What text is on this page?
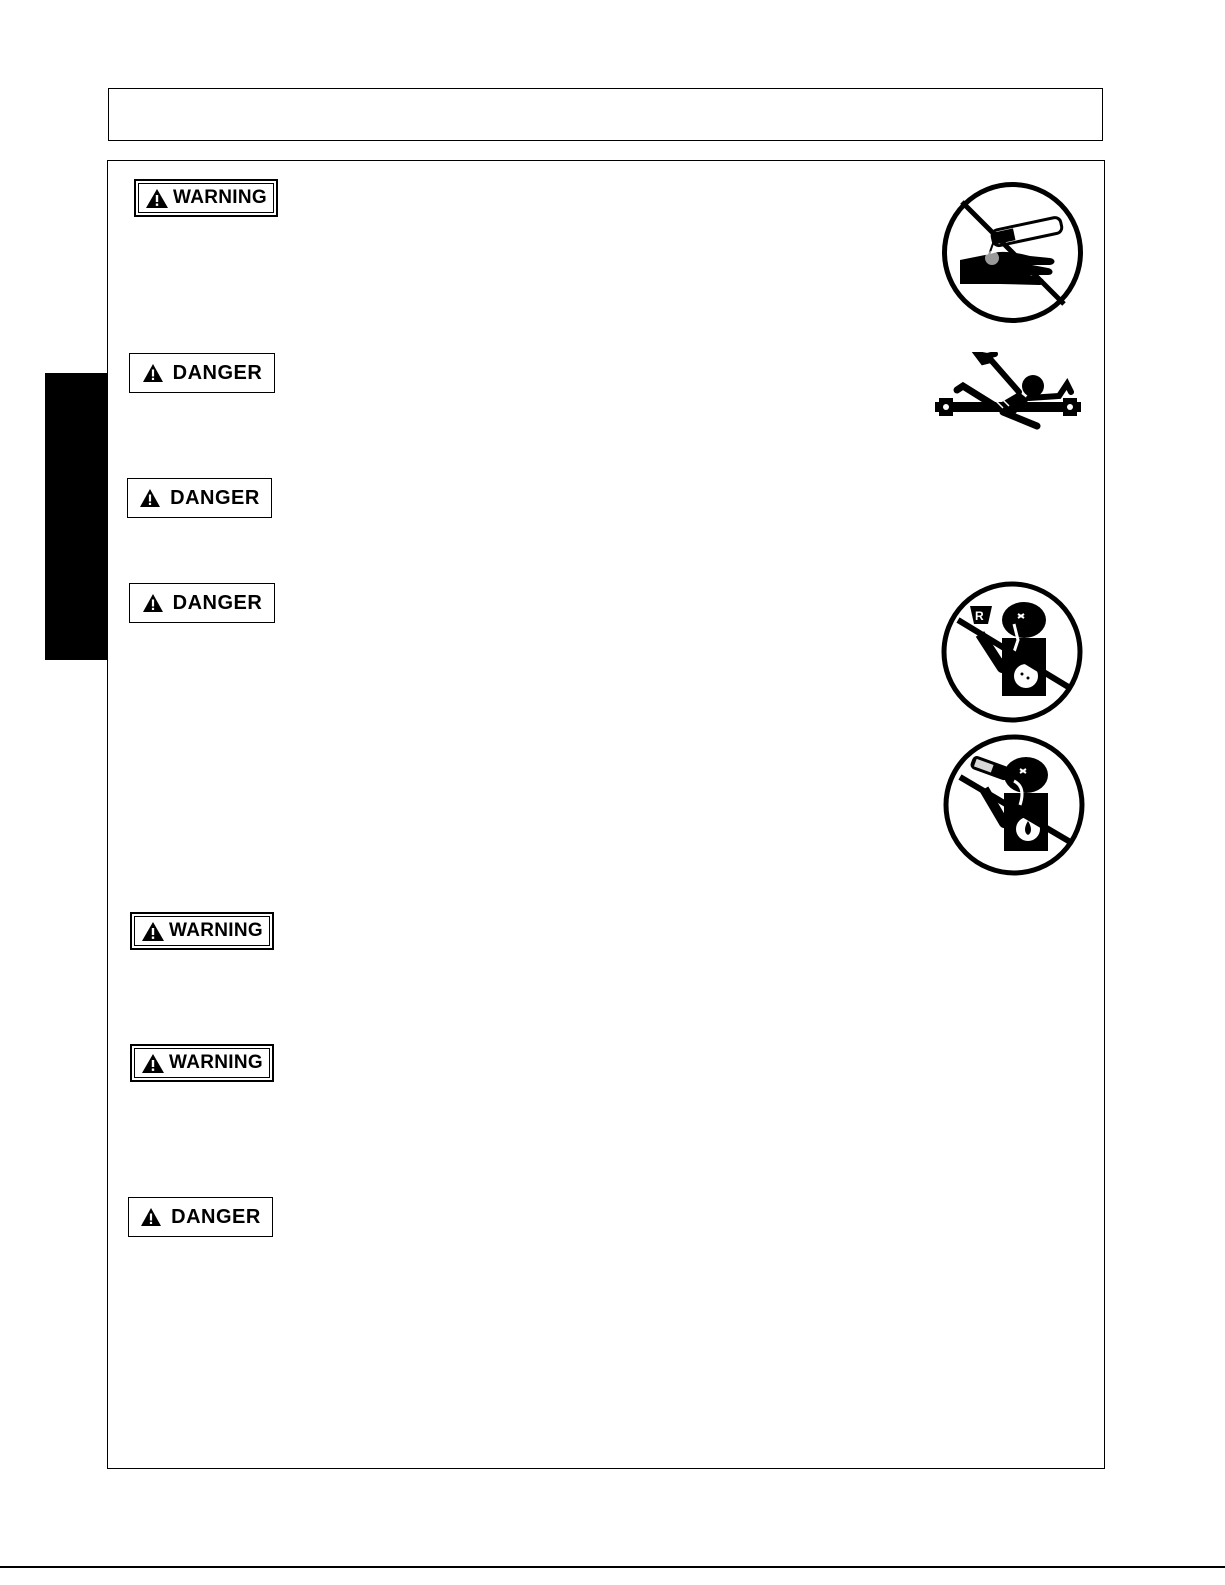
WARNING
DANGER
DANGER
DANGER
WARNING
WARNING
DANGER
R
